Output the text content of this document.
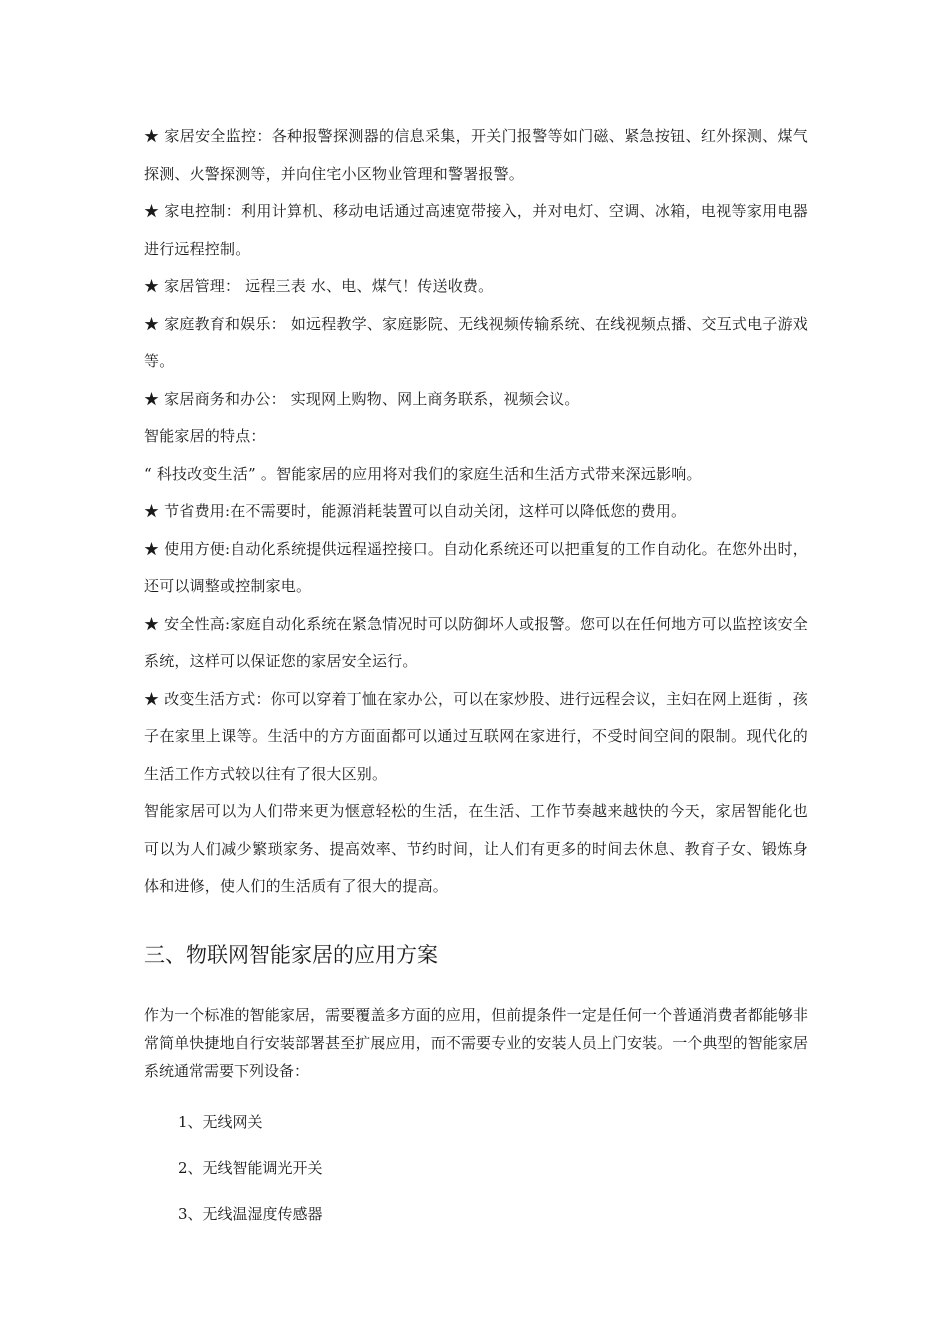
★ 家居安全监控：各种报警探测器的信息采集，开关门报警等如门磁、紧急按钮、红外探测、煤气探测、火警探测等，并向住宅小区物业管理和警署报警。

★ 家电控制：利用计算机、移动电话通过高速宽带接入，并对电灯、空调、冰箱，电视等家用电器进行远程控制。

★ 家居管理： 远程三表 水、电、煤气！传送收费。

★ 家庭教育和娱乐： 如远程教学、家庭影院、无线视频传输系统、在线视频点播、交互式电子游戏等。

★ 家居商务和办公： 实现网上购物、网上商务联系，视频会议。

智能家居的特点：

“ 科技改变生活” 。智能家居的应用将对我们的家庭生活和生活方式带来深远影响。

★ 节省费用:在不需要时，能源消耗装置可以自动关闭，这样可以降低您的费用。

★ 使用方便:自动化系统提供远程遥控接口。自动化系统还可以把重复的工作自动化。在您外出时，还可以调整或控制家电。

★ 安全性高:家庭自动化系统在紧急情况时可以防御坏人或报警。您可以在任何地方可以监控该安全系统，这样可以保证您的家居安全运行。

★ 改变生活方式：你可以穿着丁恤在家办公，可以在家炒股、进行远程会议，主妇在网上逛街 ，孩子在家里上课等。生活中的方方面面都可以通过互联网在家进行，不受时间空间的限制。现代化的生活工作方式较以往有了很大区别。

智能家居可以为人们带来更为惬意轻松的生活，在生活、工作节奏越来越快的今天，家居智能化也可以为人们减少繁琐家务、提高效率、节约时间，让人们有更多的时间去休息、教育子女、锻炼身体和进修，使人们的生活质有了很大的提高。

三、物联网智能家居的应用方案

作为一个标准的智能家居，需要覆盖多方面的应用，但前提条件一定是任何一个普通消费者都能够非常简单快捷地自行安装部署甚至扩展应用，而不需要专业的安装人员上门安装。一个典型的智能家居系统通常需要下列设备：

1、无线网关

2、无线智能调光开关

3、无线温湿度传感器
